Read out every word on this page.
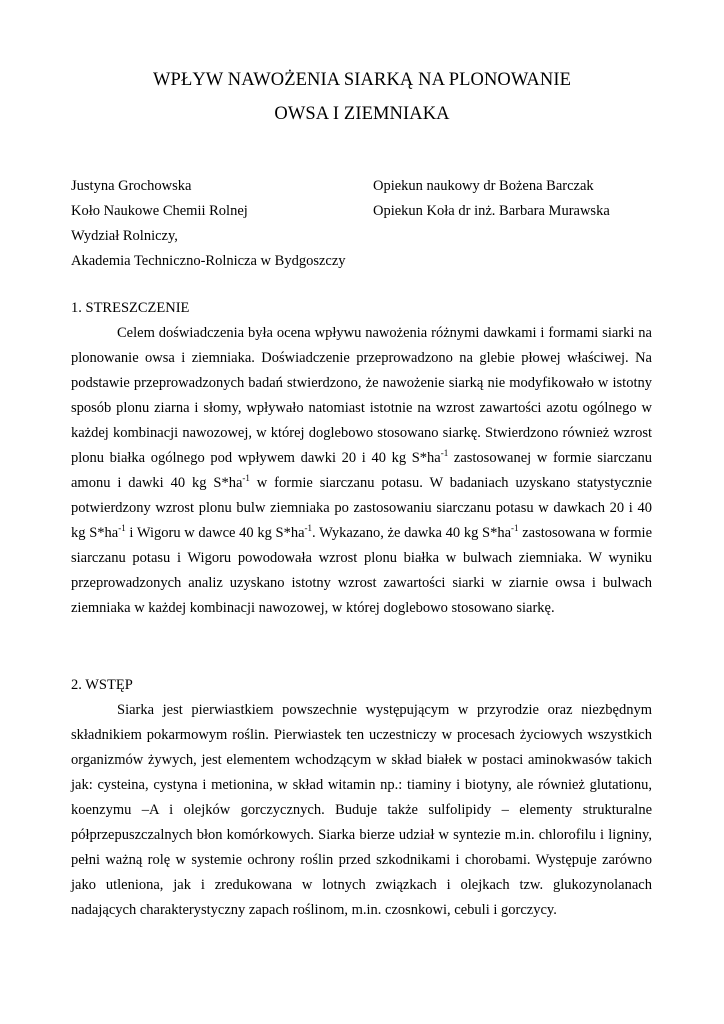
WPŁYW NAWOŻENIA SIARKĄ NA PLONOWANIE
OWSA I ZIEMNIAKA
Justyna Grochowska
Koło Naukowe Chemii Rolnej
Wydział Rolniczy,
Akademia Techniczno-Rolnicza w Bydgoszczy
Opiekun naukowy dr Bożena Barczak
Opiekun Koła dr inż. Barbara Murawska
1. STRESZCZENIE

Celem doświadczenia była ocena wpływu nawożenia różnymi dawkami i formami siarki na plonowanie owsa i ziemniaka. Doświadczenie przeprowadzono na glebie płowej właściwej. Na podstawie przeprowadzonych badań stwierdzono, że nawożenie siarką nie modyfikowało w istotny sposób plonu ziarna i słomy, wpływało natomiast istotnie na wzrost zawartości azotu ogólnego w każdej kombinacji nawozowej, w której doglebowo stosowano siarkę. Stwierdzono również wzrost plonu białka ogólnego pod wpływem dawki 20 i 40 kg $S*ha^{-1}$ zastosowanej w formie siarczanu amonu i dawki 40 kg $S*ha^{-1}$ w formie siarczanu potasu. W badaniach uzyskano statystycznie potwierdzony wzrost plonu bulw ziemniaka po zastosowaniu siarczanu potasu w dawkach 20 i 40 kg $S*ha^{-1}$ i Wigoru w dawce 40 kg $S*ha^{-1}$. Wykazano, że dawka 40 kg $S*ha^{-1}$ zastosowana w formie siarczanu potasu i Wigoru powodowała wzrost plonu białka w bulwach ziemniaka. W wyniku przeprowadzonych analiz uzyskano istotny wzrost zawartości siarki w ziarnie owsa i bulwach ziemniaka w każdej kombinacji nawozowej, w której doglebowo stosowano siarkę.

2. WSTĘP

Siarka jest pierwiastkiem powszechnie występującym w przyrodzie oraz niezbędnym składnikiem pokarmowym roślin. Pierwiastek ten uczestniczy w procesach życiowych wszystkich organizmów żywych, jest elementem wchodzącym w skład białek w postaci aminokwasów takich jak: cysteina, cystyna i metionina, w skład witamin np.: tiaminy i biotyny, ale również glutationu, koenzymu –A i olejków gorczycznych. Buduje także sulfolipidy – elementy strukturalne półprzepuszczalnych błon komórkowych. Siarka bierze udział w syntezie m.in. chlorofilu i ligniny, pełni ważną rolę w systemie ochrony roślin przed szkodnikami i chorobami. Występuje zarówno jako utleniona, jak i zredukowana w lotnych związkach i olejkach tzw. glukozynolanach nadających charakterystyczny zapach roślinom, m.in. czosnkowi, cebuli i gorczycy.
